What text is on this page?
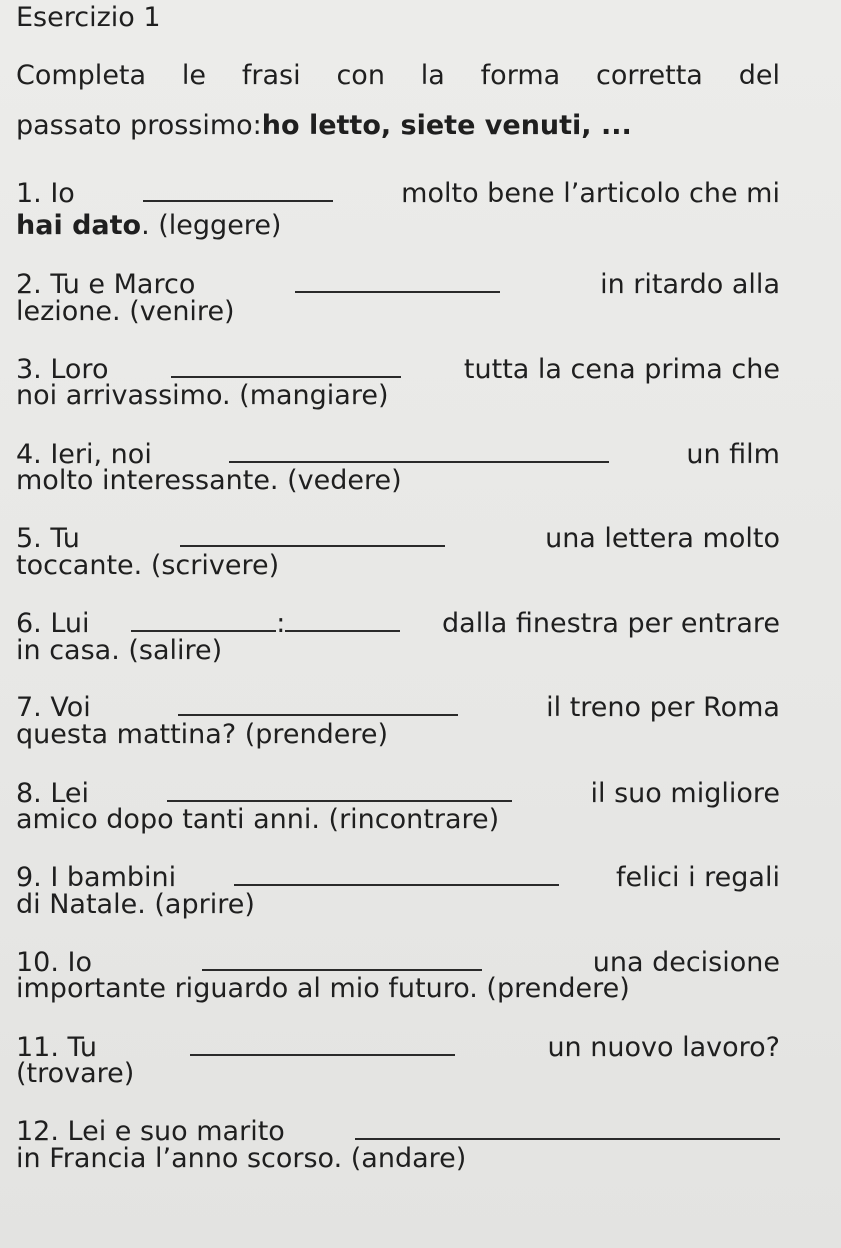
Esercizio 1
Completa le frasi con la forma corretta del
passato prossimo:ho letto, siete venuti, ...
1. Io	molto bene l’articolo che mi
hai dato. (leggere)
2. Tu e Marco	in ritardo alla
lezione. (venire)
3. Loro	tutta la cena prima che
noi arrivassimo. (mangiare)
4. Ieri, noi	un film
molto interessante. (vedere)
5. Tu	una lettera molto
toccante. (scrivere)
6. Lui	:	dalla finestra per entrare
in casa. (salire)
7. Voi	il treno per Roma
questa mattina? (prendere)
8. Lei	il suo migliore
amico dopo tanti anni. (rincontrare)
9. I bambini	felici i regali
di Natale. (aprire)
10. Io	una decisione
importante riguardo al mio futuro. (prendere)
11. Tu	un nuovo lavoro?
(trovare)
12. Lei e suo marito
in Francia l’anno scorso. (andare)
